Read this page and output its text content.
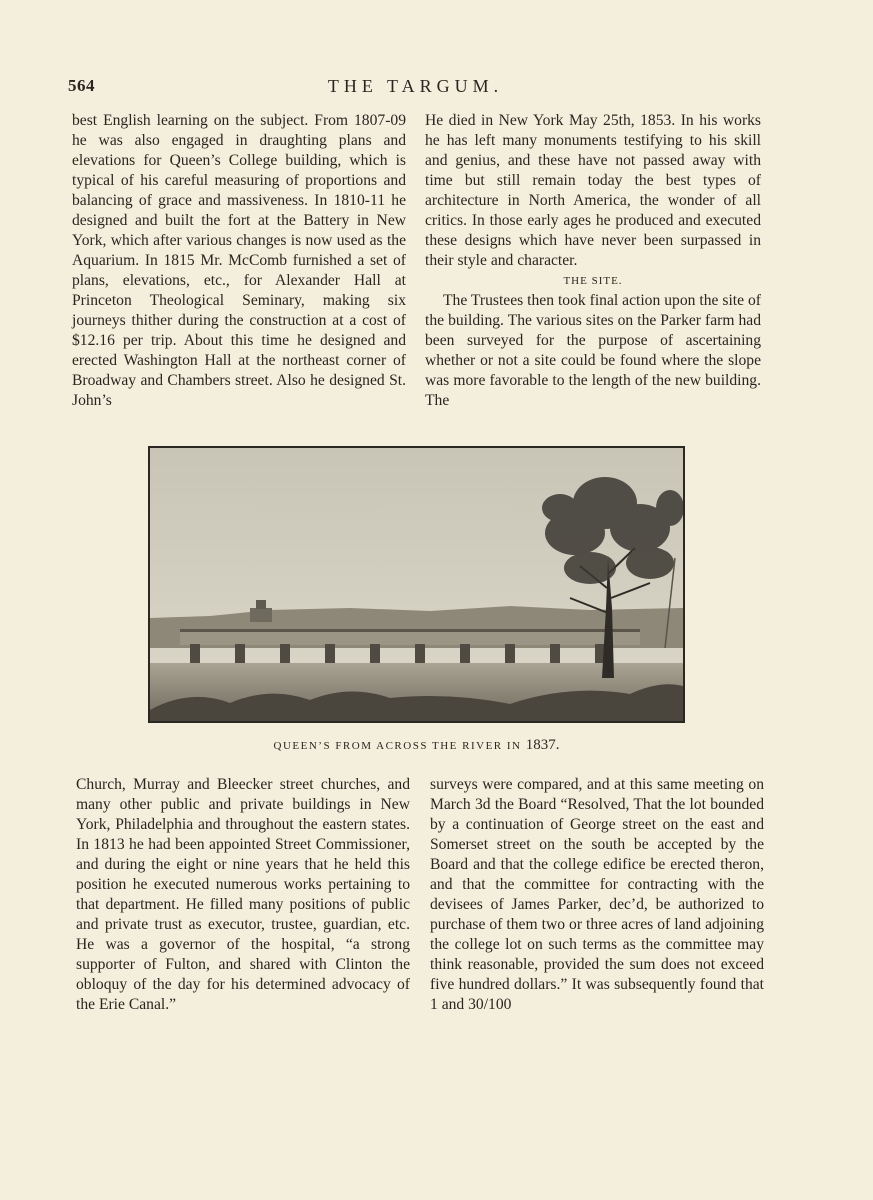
564	THE TARGUM.

best English learning on the subject. From 1807-09 he was also engaged in draughting plans and elevations for Queen’s College building, which is typical of his careful measuring of proportions and balancing of grace and massiveness. In 1810-11 he designed and built the fort at the Battery in New York, which after various changes is now used as the Aquarium. In 1815 Mr. McComb furnished a set of plans, elevations, etc., for Alexander Hall at Princeton Theological Seminary, making six journeys thither during the construction at a cost of $12.16 per trip. About this time he designed and erected Washington Hall at the northeast corner of Broadway and Chambers street. Also he designed St. John’s

He died in New York May 25th, 1853. In his works he has left many monuments testifying to his skill and genius, and these have not passed away with time but still remain today the best types of architecture in North America, the wonder of all critics. In those early ages he produced and executed these designs which have never been surpassed in their style and character.

THE SITE.

The Trustees then took final action upon the site of the building. The various sites on the Parker farm had been surveyed for the purpose of ascertaining whether or not a site could be found where the slope was more favorable to the length of the new building. The

QUEEN’S FROM ACROSS THE RIVER IN 1837.

Church, Murray and Bleecker street churches, and many other public and private buildings in New York, Philadelphia and throughout the eastern states. In 1813 he had been appointed Street Commissioner, and during the eight or nine years that he held this position he executed numerous works pertaining to that department. He filled many positions of public and private trust as executor, trustee, guardian, etc. He was a governor of the hospital, “a strong supporter of Fulton, and shared with Clinton the obloquy of the day for his determined advocacy of the Erie Canal.”

surveys were compared, and at this same meeting on March 3d the Board “Resolved, That the lot bounded by a continuation of George street on the east and Somerset street on the south be accepted by the Board and that the college edifice be erected theron, and that the committee for contracting with the devisees of James Parker, dec’d, be authorized to purchase of them two or three acres of land adjoining the college lot on such terms as the committee may think reasonable, provided the sum does not exceed five hundred dollars.” It was subsequently found that 1 and 30/100
